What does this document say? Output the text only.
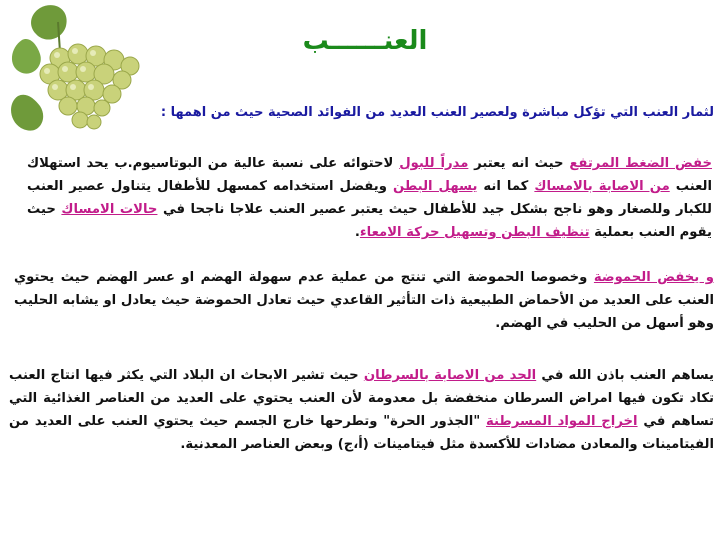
العنــــــب
لثمار العنب التي تؤكل مباشرة ولعصير العنب العديد من الفوائد الصحية حيث من اهمها :
خفض الضغط المرتفع حيث انه يعتبر مدراً للبول لاحتوائه على نسبة عالية من البوتاسيوم.ب يحد استهلاك العنب من الاصابة بالامساك كما انه يسهل البطن ويفضل استخدامه كمسهل للأطفال يتناول عصير العنب للكبار وللصغار وهو ناجح بشكل جيد للأطفال حيث يعتبر عصير العنب علاجا ناجحا في حالات الامساك حيث يقوم العنب بعملية تنظيف البطن وتسهيل حركة الامعاء.
و يخفض الحموضة وخصوصا الحموضة التي تنتج من عملية عدم سهولة الهضم او عسر الهضم حيث يحتوي العنب على العديد من الأحماض الطبيعية ذات التأثير القاعدي حيث تعادل الحموضة حيث يعادل او يشابه الحليب وهو أسهل من الحليب في الهضم.
يساهم العنب باذن الله في الحد من الاصابة بالسرطان حيث تشير الابحاث ان البلاد التي يكثر فيها انتاج العنب تكاد تكون فيها امراض السرطان منخفضة بل معدومة لأن العنب يحتوي على العديد من العناصر الغذائية التي تساهم في اخراج المواد المسرطنة "الجذور الحرة" وتطرحها خارج الجسم حيث يحتوي العنب على العديد من الفيتامينات والمعادن مضادات للأكسدة مثل فيتامينات (أ،ج) وبعض العناصر المعدنية.
